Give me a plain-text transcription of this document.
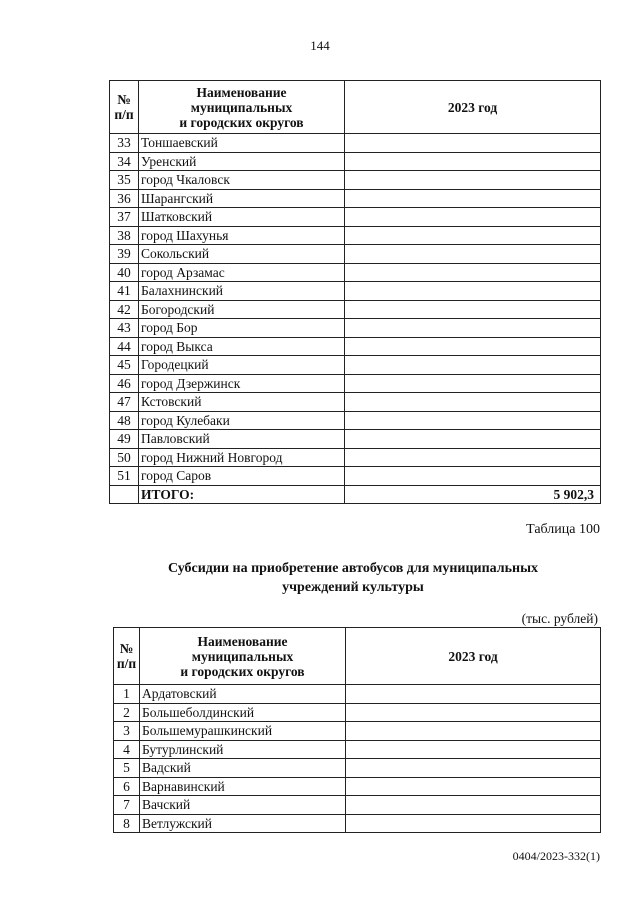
144
№
п/п	Наименование
муниципальных
и городских округов	2023 год
33	Тоншаевский	
34	Уренский	
35	город Чкаловск	
36	Шарангский	
37	Шатковский	
38	город Шахунья	
39	Сокольский	
40	город Арзамас	
41	Балахнинский	
42	Богородский	
43	город Бор	
44	город Выкса	
45	Городецкий	
46	город Дзержинск	
47	Кстовский	
48	город Кулебаки	
49	Павловский	
50	город Нижний Новгород	
51	город Саров	
	ИТОГО:	5 902,3
Таблица 100
Субсидии на приобретение автобусов для муниципальных
учреждений культуры
(тыс. рублей)
№
п/п	Наименование
муниципальных
и городских округов	2023 год
1	Ардатовский	
2	Большеболдинский	
3	Большемурашкинский	
4	Бутурлинский	
5	Вадский	
6	Варнавинский	
7	Вачский	
8	Ветлужский	
0404/2023-332(1)
